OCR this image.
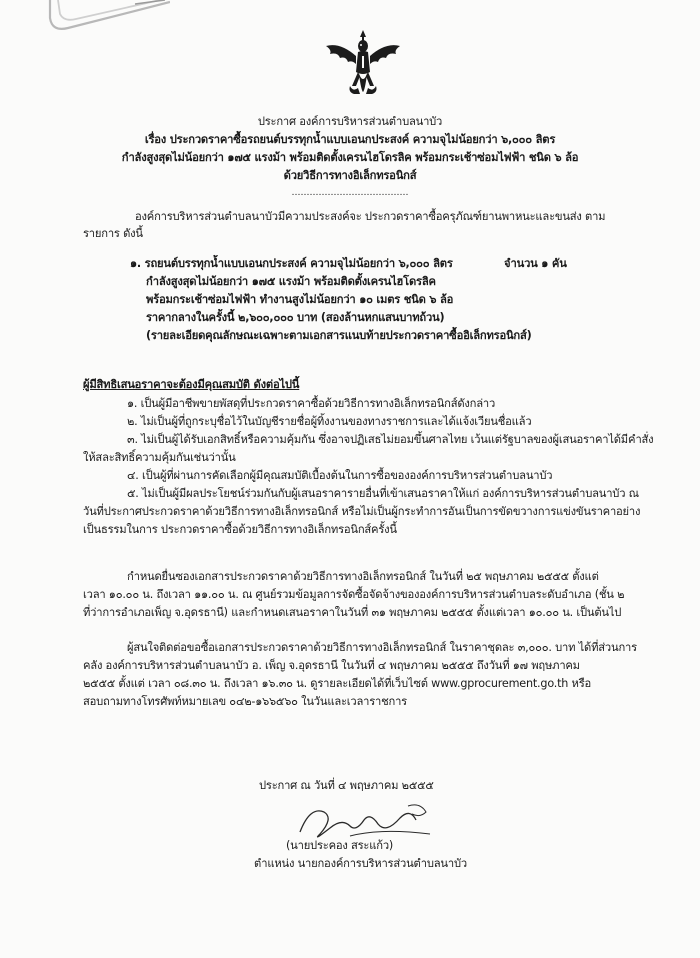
ประกาศ องค์การบริหารส่วนตำบลนาบัว
เรื่อง ประกวดราคาซื้อรถยนต์บรรทุกน้ำแบบเอนกประสงค์ ความจุไม่น้อยกว่า ๖,๐๐๐ ลิตร
กำลังสูงสุดไม่น้อยกว่า ๑๗๕ แรงม้า พร้อมติดตั้งเครนไฮโดรลิค พร้อมกระเช้าซ่อมไฟฟ้า ชนิด ๖ ล้อ
ด้วยวิธีการทางอิเล็กทรอนิกส์
…………………………………
องค์การบริหารส่วนตำบลนาบัวมีความประสงค์จะ ประกวดราคาซื้อครุภัณฑ์ยานพาหนะและขนส่ง ตาม
รายการ ดังนี้
๑. รถยนต์บรรทุกน้ำแบบเอนกประสงค์ ความจุไม่น้อยกว่า ๖,๐๐๐ ลิตร	จำนวน ๑ คัน
กำลังสูงสุดไม่น้อยกว่า ๑๗๕ แรงม้า พร้อมติดตั้งเครนไฮโดรลิค
พร้อมกระเช้าซ่อมไฟฟ้า ทำงานสูงไม่น้อยกว่า ๑๐ เมตร ชนิด ๖ ล้อ
ราคากลางในครั้งนี้ ๒,๖๐๐,๐๐๐ บาท (สองล้านหกแสนบาทถ้วน)
(รายละเอียดคุณลักษณะเฉพาะตามเอกสารแนบท้ายประกวดราคาซื้ออิเล็กทรอนิกส์)
ผู้มีสิทธิเสนอราคาจะต้องมีคุณสมบัติ ดังต่อไปนี้
๑. เป็นผู้มีอาชีพขายพัสดุที่ประกวดราคาซื้อด้วยวิธีการทางอิเล็กทรอนิกส์ดังกล่าว
๒. ไม่เป็นผู้ที่ถูกระบุชื่อไว้ในบัญชีรายชื่อผู้ทิ้งงานของทางราชการและได้แจ้งเวียนชื่อแล้ว
๓. ไม่เป็นผู้ได้รับเอกสิทธิ์หรือความคุ้มกัน ซึ่งอาจปฏิเสธไม่ยอมขึ้นศาลไทย เว้นแต่รัฐบาลของผู้เสนอราคาได้มีคำสั่ง
ให้สละสิทธิ์ความคุ้มกันเช่นว่านั้น
๔. เป็นผู้ที่ผ่านการคัดเลือกผู้มีคุณสมบัติเบื้องต้นในการซื้อขององค์การบริหารส่วนตำบลนาบัว
๕. ไม่เป็นผู้มีผลประโยชน์ร่วมกันกับผู้เสนอราคารายอื่นที่เข้าเสนอราคาให้แก่ องค์การบริหารส่วนตำบลนาบัว ณ
วันที่ประกาศประกวดราคาด้วยวิธีการทางอิเล็กทรอนิกส์ หรือไม่เป็นผู้กระทำการอันเป็นการขัดขวางการแข่งขันราคาอย่าง
เป็นธรรมในการ ประกวดราคาซื้อด้วยวิธีการทางอิเล็กทรอนิกส์ครั้งนี้
กำหนดยื่นซองเอกสารประกวดราคาด้วยวิธีการทางอิเล็กทรอนิกส์ ในวันที่ ๒๕ พฤษภาคม ๒๕๕๕ ตั้งแต่
เวลา ๑๐.๐๐ น. ถึงเวลา ๑๑.๐๐ น. ณ ศูนย์รวมข้อมูลการจัดซื้อจัดจ้างขององค์การบริหารส่วนตำบลระดับอำเภอ (ชั้น ๒
ที่ว่าการอำเภอเพ็ญ จ.อุดรธานี) และกำหนดเสนอราคาในวันที่ ๓๑ พฤษภาคม ๒๕๕๕ ตั้งแต่เวลา ๑๐.๐๐ น. เป็นต้นไป
ผู้สนใจติดต่อขอซื้อเอกสารประกวดราคาด้วยวิธีการทางอิเล็กทรอนิกส์ ในราคาชุดละ ๓,๐๐๐. บาท ได้ที่ส่วนการ
คลัง องค์การบริหารส่วนตำบลนาบัว อ. เพ็ญ จ.อุดรธานี ในวันที่ ๔ พฤษภาคม ๒๕๕๕ ถึงวันที่ ๑๗ พฤษภาคม
๒๕๕๕ ตั้งแต่ เวลา ๐๘.๓๐ น. ถึงเวลา ๑๖.๓๐ น. ดูรายละเอียดได้ที่เว็บไซต์ www.gprocurement.go.th หรือ
สอบถามทางโทรศัพท์หมายเลข ๐๔๒-๑๖๖๕๖๐ ในวันและเวลาราชการ
ประกาศ ณ วันที่ ๔ พฤษภาคม ๒๕๕๕
(นายประคอง สระแก้ว)
ตำแหน่ง นายกองค์การบริหารส่วนตำบลนาบัว
